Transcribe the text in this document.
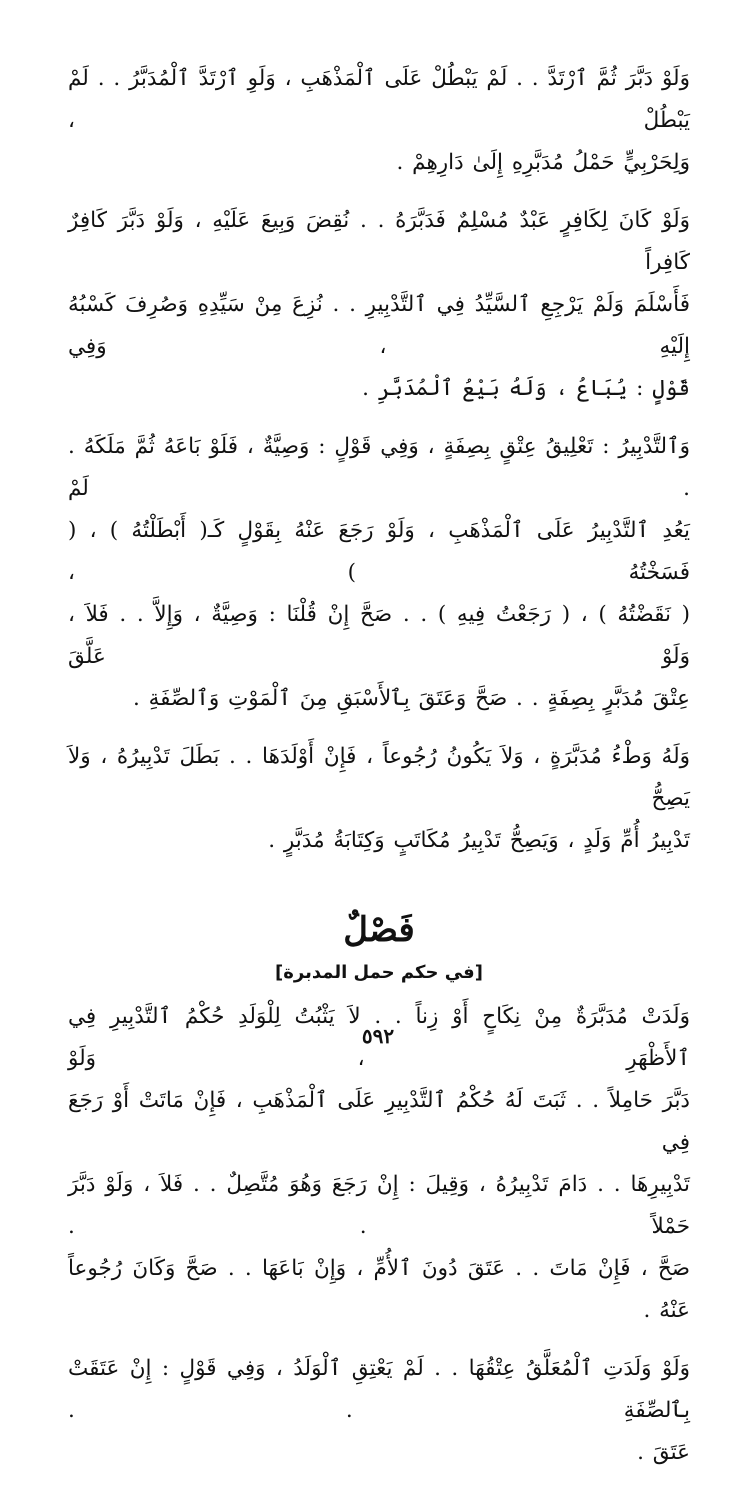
وَلَوْ دَبَّرَ ثُمَّ ٱرْتَدَّ . . لَمْ يَبْطُلْ عَلَى ٱلْمَذْهَبِ ، وَلَوِ ٱرْتَدَّ ٱلْمُدَبَّرُ . . لَمْ يَبْطُلْ ،
وَلِحَرْبِيٍّ حَمْلُ مُدَبَّرِهِ إِلَىٰ دَارِهِمْ .

وَلَوْ كَانَ لِكَافِرٍ عَبْدٌ مُسْلِمٌ فَدَبَّرَهُ . . نُقِضَ وَبِيعَ عَلَيْهِ ، وَلَوْ دَبَّرَ كَافِرٌ كَافِراً
فَأَسْلَمَ وَلَمْ يَرْجِعِ ٱلسَّيِّدُ فِي ٱلتَّدْبِيرِ . . نُزِعَ مِنْ سَيِّدِهِ وَصُرِفَ كَسْبُهُ إِلَيْهِ ، وَفِي
قَوْلٍ : يُبَاعُ ، وَلَهُ بَيْعُ ٱلْمُدَبَّرِ .

وَٱلتَّدْبِيرُ : تَعْلِيقُ عِتْقٍ بِصِفَةٍ ، وَفِي قَوْلٍ : وَصِيَّةٌ ، فَلَوْ بَاعَهُ ثُمَّ مَلَكَهُ . . لَمْ
يَعُدِ ٱلتَّدْبِيرُ عَلَى ٱلْمَذْهَبِ ، وَلَوْ رَجَعَ عَنْهُ بِقَوْلٍ كَـ( أَبْطَلْتُهُ ) ، ( فَسَخْتُهُ ) ،
( نَقَضْتُهُ ) ، ( رَجَعْتُ فِيهِ ) . . صَحَّ إِنْ قُلْنَا : وَصِيَّةٌ ، وَإِلاَّ . . فَلاَ ، وَلَوْ عَلَّقَ
عِتْقَ مُدَبَّرٍ بِصِفَةٍ . . صَحَّ وَعَتَقَ بِٱلأَسْبَقِ مِنَ ٱلْمَوْتِ وَٱلصِّفَةِ .

وَلَهُ وَطْءُ مُدَبَّرَةٍ ، وَلاَ يَكُونُ رُجُوعاً ، فَإِنْ أَوْلَدَهَا . . بَطَلَ تَدْبِيرُهُ ، وَلاَ يَصِحُّ
تَدْبِيرُ أُمِّ وَلَدٍ ، وَيَصِحُّ تَدْبِيرُ مُكَاتَبٍ وَكِتَابَةُ مُدَبَّرٍ .

فَصْلٌ
[في حكم حمل المدبرة]

وَلَدَتْ مُدَبَّرَةٌ مِنْ نِكَاحٍ أَوْ زِناً . . لاَ يَثْبُتُ لِلْوَلَدِ حُكْمُ ٱلتَّدْبِيرِ فِي ٱلأَظْهَرِ ، وَلَوْ
دَبَّرَ حَامِلاً . . ثَبَتَ لَهُ حُكْمُ ٱلتَّدْبِيرِ عَلَى ٱلْمَذْهَبِ ، فَإِنْ مَاتَتْ أَوْ رَجَعَ فِي
تَدْبِيرِهَا . . دَامَ تَدْبِيرُهُ ، وَقِيلَ : إِنْ رَجَعَ وَهُوَ مُتَّصِلٌ . . فَلاَ ، وَلَوْ دَبَّرَ حَمْلاً . .
صَحَّ ، فَإِنْ مَاتَ . . عَتَقَ دُونَ ٱلأُمِّ ، وَإِنْ بَاعَهَا . . صَحَّ وَكَانَ رُجُوعاً عَنْهُ .

وَلَوْ وَلَدَتِ ٱلْمُعَلَّقُ عِتْقُهَا . . لَمْ يَعْتِقِ ٱلْوَلَدُ ، وَفِي قَوْلٍ : إِنْ عَتَقَتْ بِٱلصِّفَةِ . .
عَتَقَ .

٥٩٢
